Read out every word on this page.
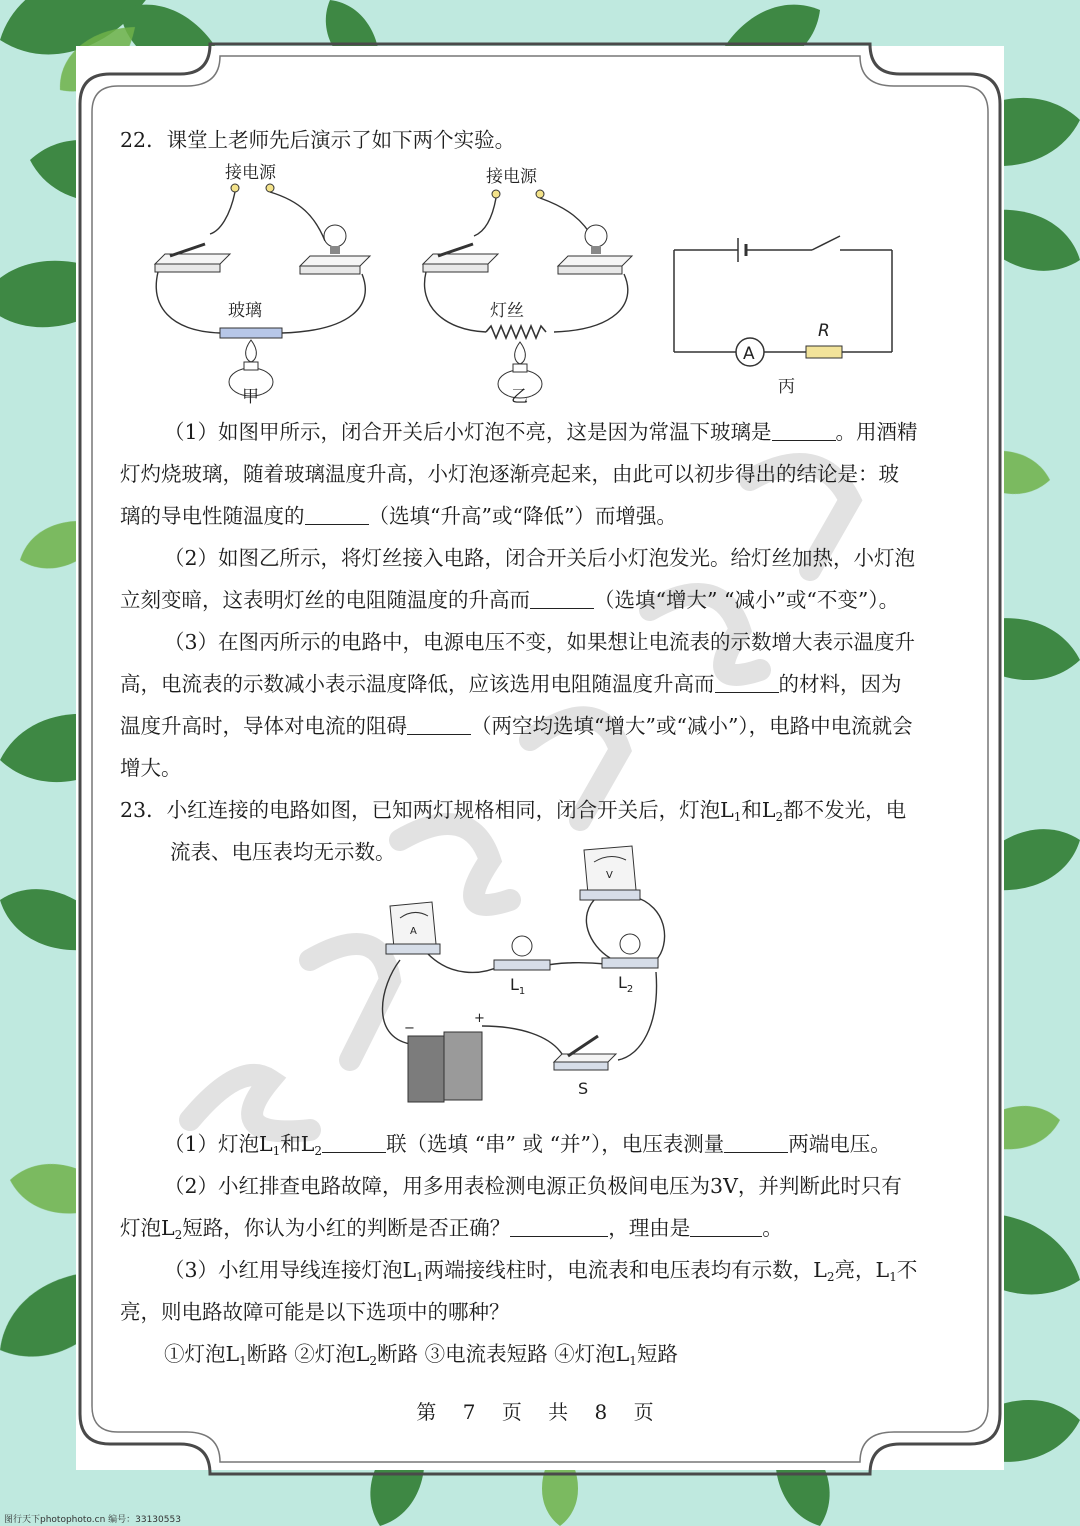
22．课堂上老师先后演示了如下两个实验。
接电源
玻璃
甲
接电源
灯丝
乙
A
R
丙
（1）如图甲所示，闭合开关后小灯泡不亮，这是因为常温下玻璃是	。用酒精
灯灼烧玻璃，随着玻璃温度升高，小灯泡逐渐亮起来，由此可以初步得出的结论是：玻
璃的导电性随温度的	（选填“升高”或“降低”）而增强。
（2）如图乙所示，将灯丝接入电路，闭合开关后小灯泡发光。给灯丝加热，小灯泡
立刻变暗，这表明灯丝的电阻随温度的升高而	（选填“增大” “减小”或“不变”）。
（3）在图丙所示的电路中，电源电压不变，如果想让电流表的示数增大表示温度升
高，电流表的示数减小表示温度降低，应该选用电阻随温度升高而	的材料，因为
温度升高时，导体对电流的阻碍	（两空均选填“增大”或“减小”），电路中电流就会
增大。
23．小红连接的电路如图，已知两灯规格相同，闭合开关后，灯泡$L_1$和$L_2$都不发光，电
流表、电压表均无示数。
V
A
$L_1$	$L_2$
−
+
S
（1）灯泡$L_1$和$L_2$	联（选填 “串” 或 “并”），电压表测量	两端电压。
（2）小红排查电路故障，用多用表检测电源正负极间电压为3V，并判断此时只有
灯泡$L_2$短路，你认为小红的判断是否正确？	，理由是	。
（3）小红用导线连接灯泡$L_1$两端接线柱时，电流表和电压表均有示数，$L_2$亮，$L_1$不
亮，则电路故障可能是以下选项中的哪种？
①灯泡$L_1$断路 ②灯泡$L_2$断路 ③电流表短路 ④灯泡$L_1$短路
第 7 页 共 8 页
图行天下photophoto.cn 编号：33130553
